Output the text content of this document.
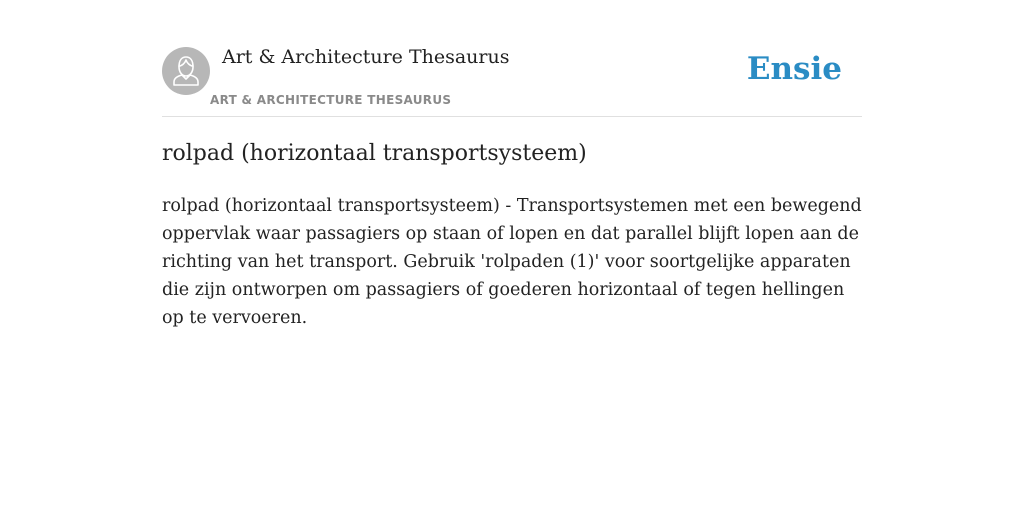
Art & Architecture Thesaurus
ART & ARCHITECTURE THESAURUS
Ensie
rolpad (horizontaal transportsysteem)

rolpad (horizontaal transportsysteem) - Transportsystemen met een bewegend oppervlak waar passagiers op staan of lopen en dat parallel blijft lopen aan de richting van het transport. Gebruik 'rolpaden (1)' voor soortgelijke apparaten die zijn ontworpen om passagiers of goederen horizontaal of tegen hellingen op te vervoeren.
